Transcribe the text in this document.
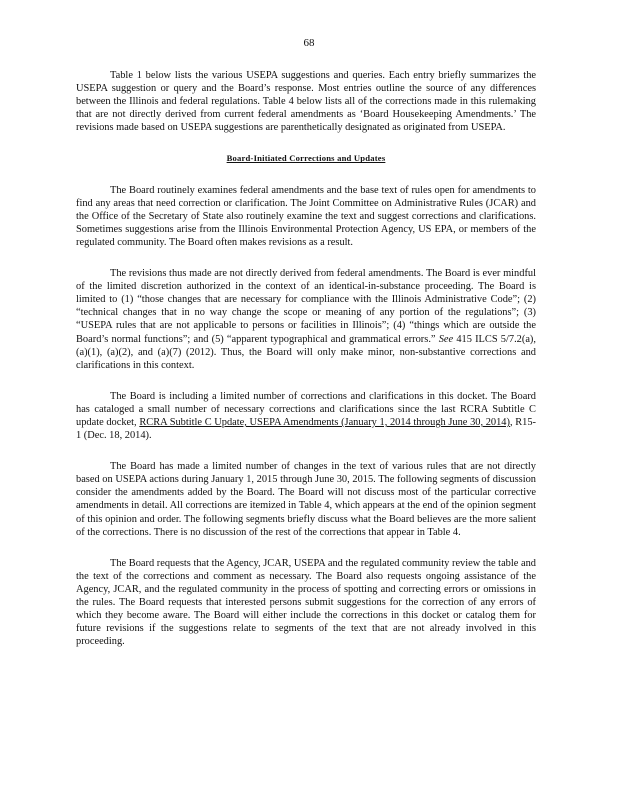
68

Table 1 below lists the various USEPA suggestions and queries. Each entry briefly summarizes the USEPA suggestion or query and the Board’s response. Most entries outline the source of any differences between the Illinois and federal regulations. Table 4 below lists all of the corrections made in this rulemaking that are not directly derived from current federal amendments as ‘Board Housekeeping Amendments.’ The revisions made based on USEPA suggestions are parenthetically designated as originated from USEPA.

Board-Initiated Corrections and Updates

The Board routinely examines federal amendments and the base text of rules open for amendments to find any areas that need correction or clarification. The Joint Committee on Administrative Rules (JCAR) and the Office of the Secretary of State also routinely examine the text and suggest corrections and clarifications. Sometimes suggestions arise from the Illinois Environmental Protection Agency, US EPA, or members of the regulated community. The Board often makes revisions as a result.

The revisions thus made are not directly derived from federal amendments. The Board is ever mindful of the limited discretion authorized in the context of an identical-in-substance proceeding. The Board is limited to (1) “those changes that are necessary for compliance with the Illinois Administrative Code”; (2) “technical changes that in no way change the scope or meaning of any portion of the regulations”; (3) “USEPA rules that are not applicable to persons or facilities in Illinois”; (4) “things which are outside the Board’s normal functions”; and (5) “apparent typographical and grammatical errors.” See 415 ILCS 5/7.2(a), (a)(1), (a)(2), and (a)(7) (2012). Thus, the Board will only make minor, non-substantive corrections and clarifications in this context.

The Board is including a limited number of corrections and clarifications in this docket. The Board has cataloged a small number of necessary corrections and clarifications since the last RCRA Subtitle C update docket, RCRA Subtitle C Update, USEPA Amendments (January 1, 2014 through June 30, 2014), R15-1 (Dec. 18, 2014).

The Board has made a limited number of changes in the text of various rules that are not directly based on USEPA actions during January 1, 2015 through June 30, 2015. The following segments of discussion consider the amendments added by the Board. The Board will not discuss most of the particular corrective amendments in detail. All corrections are itemized in Table 4, which appears at the end of the opinion segment of this opinion and order. The following segments briefly discuss what the Board believes are the more salient of the corrections. There is no discussion of the rest of the corrections that appear in Table 4.

The Board requests that the Agency, JCAR, USEPA and the regulated community review the table and the text of the corrections and comment as necessary. The Board also requests ongoing assistance of the Agency, JCAR, and the regulated community in the process of spotting and correcting errors or omissions in the rules. The Board requests that interested persons submit suggestions for the correction of any errors of which they become aware. The Board will either include the corrections in this docket or catalog them for future revisions if the suggestions relate to segments of the text that are not already involved in this proceeding.
